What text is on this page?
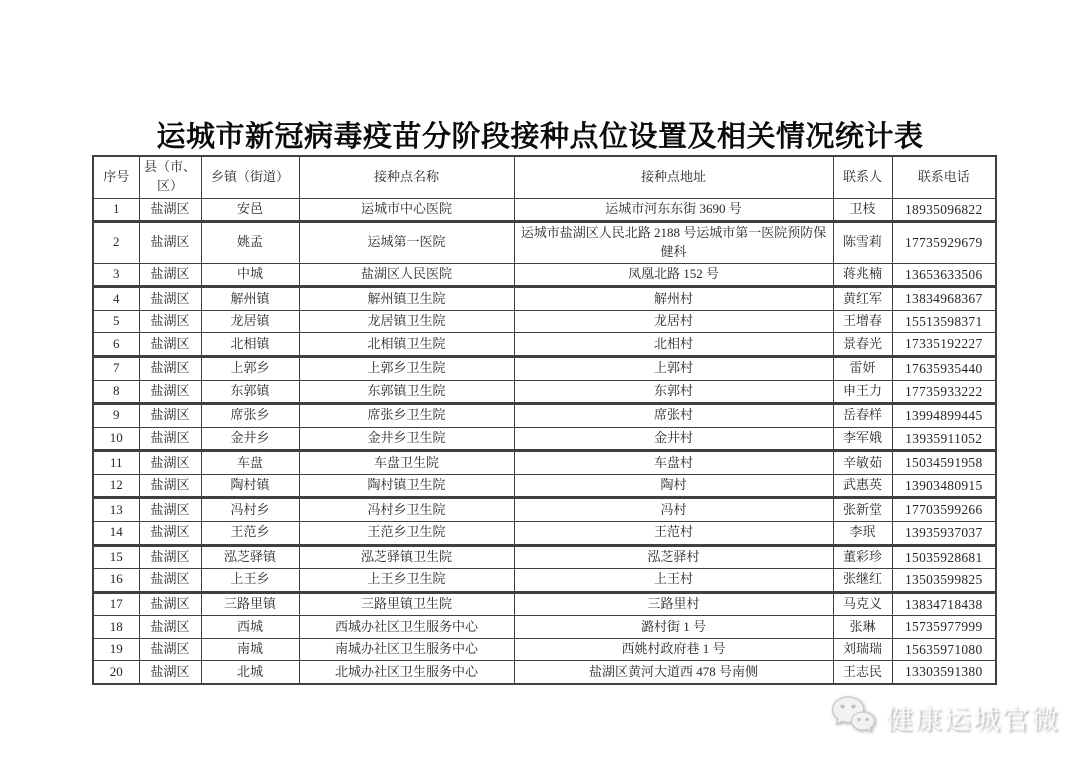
运城市新冠病毒疫苗分阶段接种点位设置及相关情况统计表
序号	县（市、区）	乡镇（街道）	接种点名称	接种点地址	联系人	联系电话
1	盐湖区	安邑	运城市中心医院	运城市河东东街 3690 号	卫枝	18935096822
2	盐湖区	姚孟	运城第一医院	运城市盐湖区人民北路 2188 号运城市第一医院预防保健科	陈雪莉	17735929679
3	盐湖区	中城	盐湖区人民医院	凤凰北路 152 号	蒋兆楠	13653633506
4	盐湖区	解州镇	解州镇卫生院	解州村	黄红军	13834968367
5	盐湖区	龙居镇	龙居镇卫生院	龙居村	王增春	15513598371
6	盐湖区	北相镇	北相镇卫生院	北相村	景春光	17335192227
7	盐湖区	上郭乡	上郭乡卫生院	上郭村	雷妍	17635935440
8	盐湖区	东郭镇	东郭镇卫生院	东郭村	申王力	17735933222
9	盐湖区	席张乡	席张乡卫生院	席张村	岳春样	13994899445
10	盐湖区	金井乡	金井乡卫生院	金井村	李军娥	13935911052
11	盐湖区	车盘	车盘卫生院	车盘村	辛敏茹	15034591958
12	盐湖区	陶村镇	陶村镇卫生院	陶村	武惠英	13903480915
13	盐湖区	冯村乡	冯村乡卫生院	冯村	张新堂	17703599266
14	盐湖区	王范乡	王范乡卫生院	王范村	李珉	13935937037
15	盐湖区	泓芝驿镇	泓芝驿镇卫生院	泓芝驿村	董彩珍	15035928681
16	盐湖区	上王乡	上王乡卫生院	上王村	张继红	13503599825
17	盐湖区	三路里镇	三路里镇卫生院	三路里村	马克义	13834718438
18	盐湖区	西城	西城办社区卫生服务中心	潞村街 1 号	张琳	15735977999
19	盐湖区	南城	南城办社区卫生服务中心	西姚村政府巷 1 号	刘瑞瑞	15635971080
20	盐湖区	北城	北城办社区卫生服务中心	盐湖区黄河大道西 478 号南侧	王志民	13303591380
健康运城官微
